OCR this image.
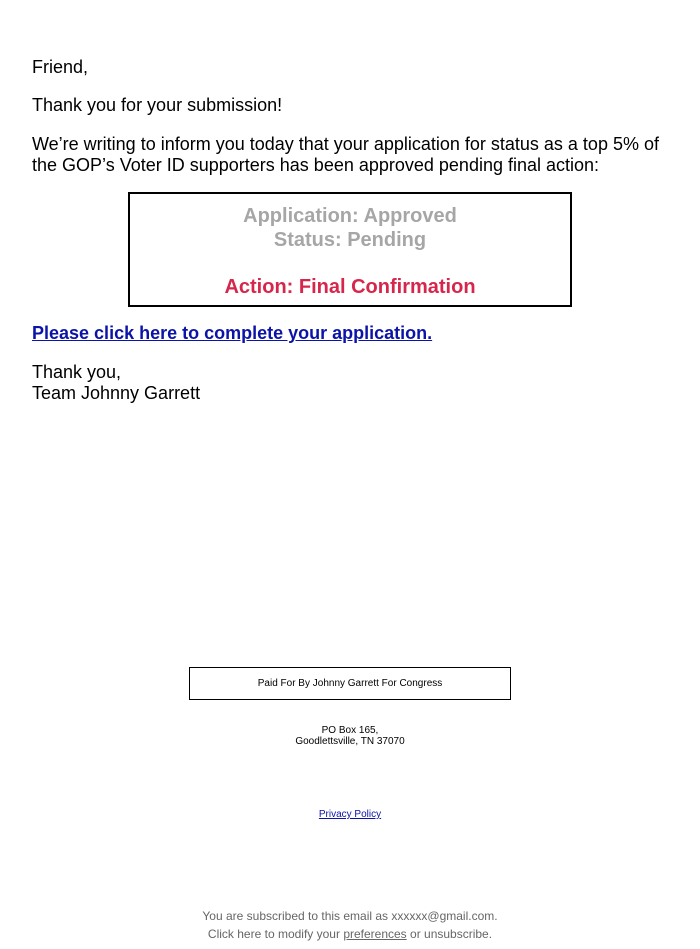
Friend,

Thank you for your submission!

We’re writing to inform you today that your application for status as a top 5% of the GOP’s Voter ID supporters has been approved pending final action:

Application: Approved
Status: Pending
Action: Final Confirmation
Please click here to complete your application.
Thank you,
Team Johnny Garrett
Paid For By Johnny Garrett For Congress
PO Box 165,
Goodlettsville, TN 37070
Privacy Policy
You are subscribed to this email as xxxxxx@gmail.com.
Click here to modify your preferences or unsubscribe.
